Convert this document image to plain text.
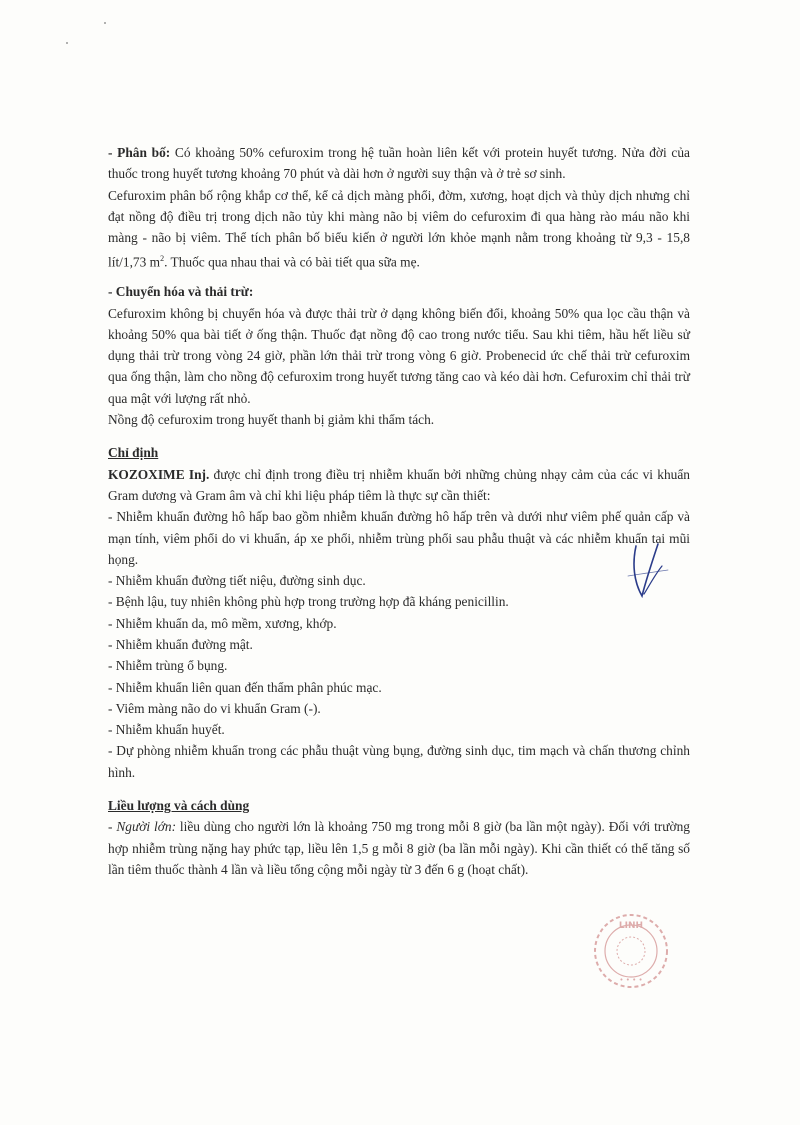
- Phân bố: Có khoảng 50% cefuroxim trong hệ tuần hoàn liên kết với protein huyết tương. Nửa đời của thuốc trong huyết tương khoảng 70 phút và dài hơn ở người suy thận và ở trẻ sơ sinh.

Cefuroxim phân bố rộng khắp cơ thể, kể cả dịch màng phổi, đờm, xương, hoạt dịch và thủy dịch nhưng chỉ đạt nồng độ điều trị trong dịch não tủy khi màng não bị viêm do cefuroxim đi qua hàng rào máu não khi màng - não bị viêm. Thể tích phân bố biểu kiến ở người lớn khỏe mạnh nằm trong khoảng từ 9,3 - 15,8 lít/1,73 $m^2$. Thuốc qua nhau thai và có bài tiết qua sữa mẹ.

- Chuyển hóa và thải trừ:

Cefuroxim không bị chuyển hóa và được thải trừ ở dạng không biến đổi, khoảng 50% qua lọc cầu thận và khoảng 50% qua bài tiết ở ống thận. Thuốc đạt nồng độ cao trong nước tiểu. Sau khi tiêm, hầu hết liều sử dụng thải trừ trong vòng 24 giờ, phần lớn thải trừ trong vòng 6 giờ. Probenecid ức chế thải trừ cefuroxim qua ống thận, làm cho nồng độ cefuroxim trong huyết tương tăng cao và kéo dài hơn. Cefuroxim chỉ thải trừ qua mật với lượng rất nhỏ.

Nồng độ cefuroxim trong huyết thanh bị giảm khi thẩm tách.

Chỉ định

KOZOXIME Inj. được chỉ định trong điều trị nhiễm khuẩn bởi những chủng nhạy cảm của các vi khuẩn Gram dương và Gram âm và chỉ khi liệu pháp tiêm là thực sự cần thiết:

- Nhiễm khuẩn đường hô hấp bao gồm nhiễm khuẩn đường hô hấp trên và dưới như viêm phế quản cấp và mạn tính, viêm phổi do vi khuẩn, áp xe phổi, nhiễm trùng phổi sau phẫu thuật và các nhiễm khuẩn tai mũi họng.

- Nhiễm khuẩn đường tiết niệu, đường sinh dục.

- Bệnh lậu, tuy nhiên không phù hợp trong trường hợp đã kháng penicillin.

- Nhiễm khuẩn da, mô mềm, xương, khớp.

- Nhiễm khuẩn đường mật.

- Nhiễm trùng ổ bụng.

- Nhiễm khuẩn liên quan đến thẩm phân phúc mạc.

- Viêm màng não do vi khuẩn Gram (-).

- Nhiễm khuẩn huyết.

- Dự phòng nhiễm khuẩn trong các phẫu thuật vùng bụng, đường sinh dục, tim mạch và chấn thương chỉnh hình.

Liều lượng và cách dùng

- Người lớn: liều dùng cho người lớn là khoảng 750 mg trong mỗi 8 giờ (ba lần một ngày). Đối với trường hợp nhiễm trùng nặng hay phức tạp, liều lên 1,5 g mỗi 8 giờ (ba lần mỗi ngày). Khi cần thiết có thể tăng số lần tiêm thuốc thành 4 lần và liều tổng cộng mỗi ngày từ 3 đến 6 g (hoạt chất).

LINH
• • • •
